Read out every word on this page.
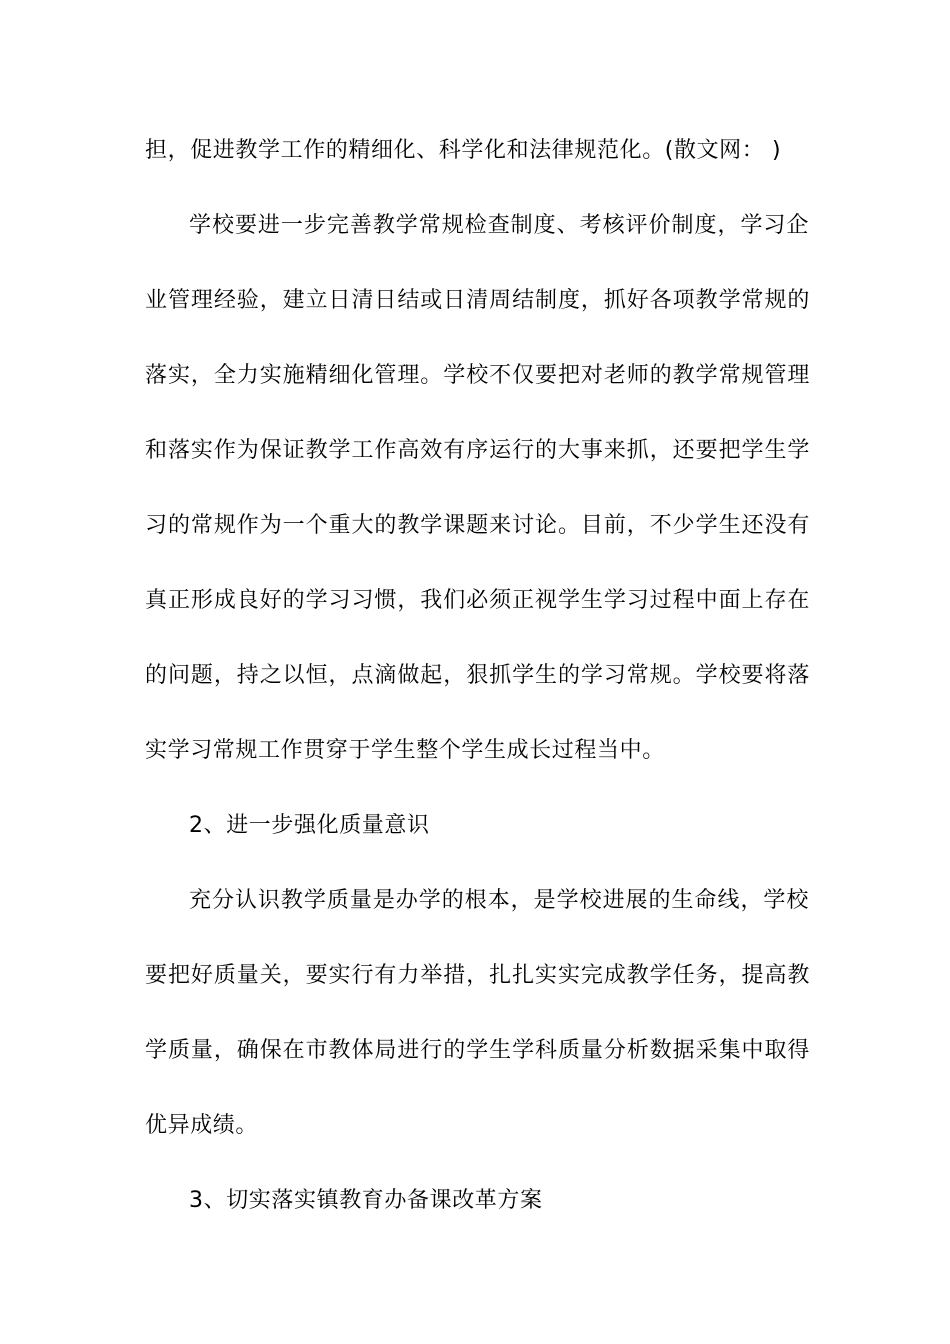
担，促进教学工作的精细化、科学化和法律规范化。(散文网： )
学校要进一步完善教学常规检查制度、考核评价制度，学习企
业管理经验，建立日清日结或日清周结制度，抓好各项教学常规的
落实，全力实施精细化管理。学校不仅要把对老师的教学常规管理
和落实作为保证教学工作高效有序运行的大事来抓，还要把学生学
习的常规作为一个重大的教学课题来讨论。目前，不少学生还没有
真正形成良好的学习习惯，我们必须正视学生学习过程中面上存在
的问题，持之以恒，点滴做起，狠抓学生的学习常规。学校要将落
实学习常规工作贯穿于学生整个学生成长过程当中。
2、进一步强化质量意识
充分认识教学质量是办学的根本，是学校进展的生命线，学校
要把好质量关，要实行有力举措，扎扎实实完成教学任务，提高教
学质量，确保在市教体局进行的学生学科质量分析数据采集中取得
优异成绩。
3、切实落实镇教育办备课改革方案
